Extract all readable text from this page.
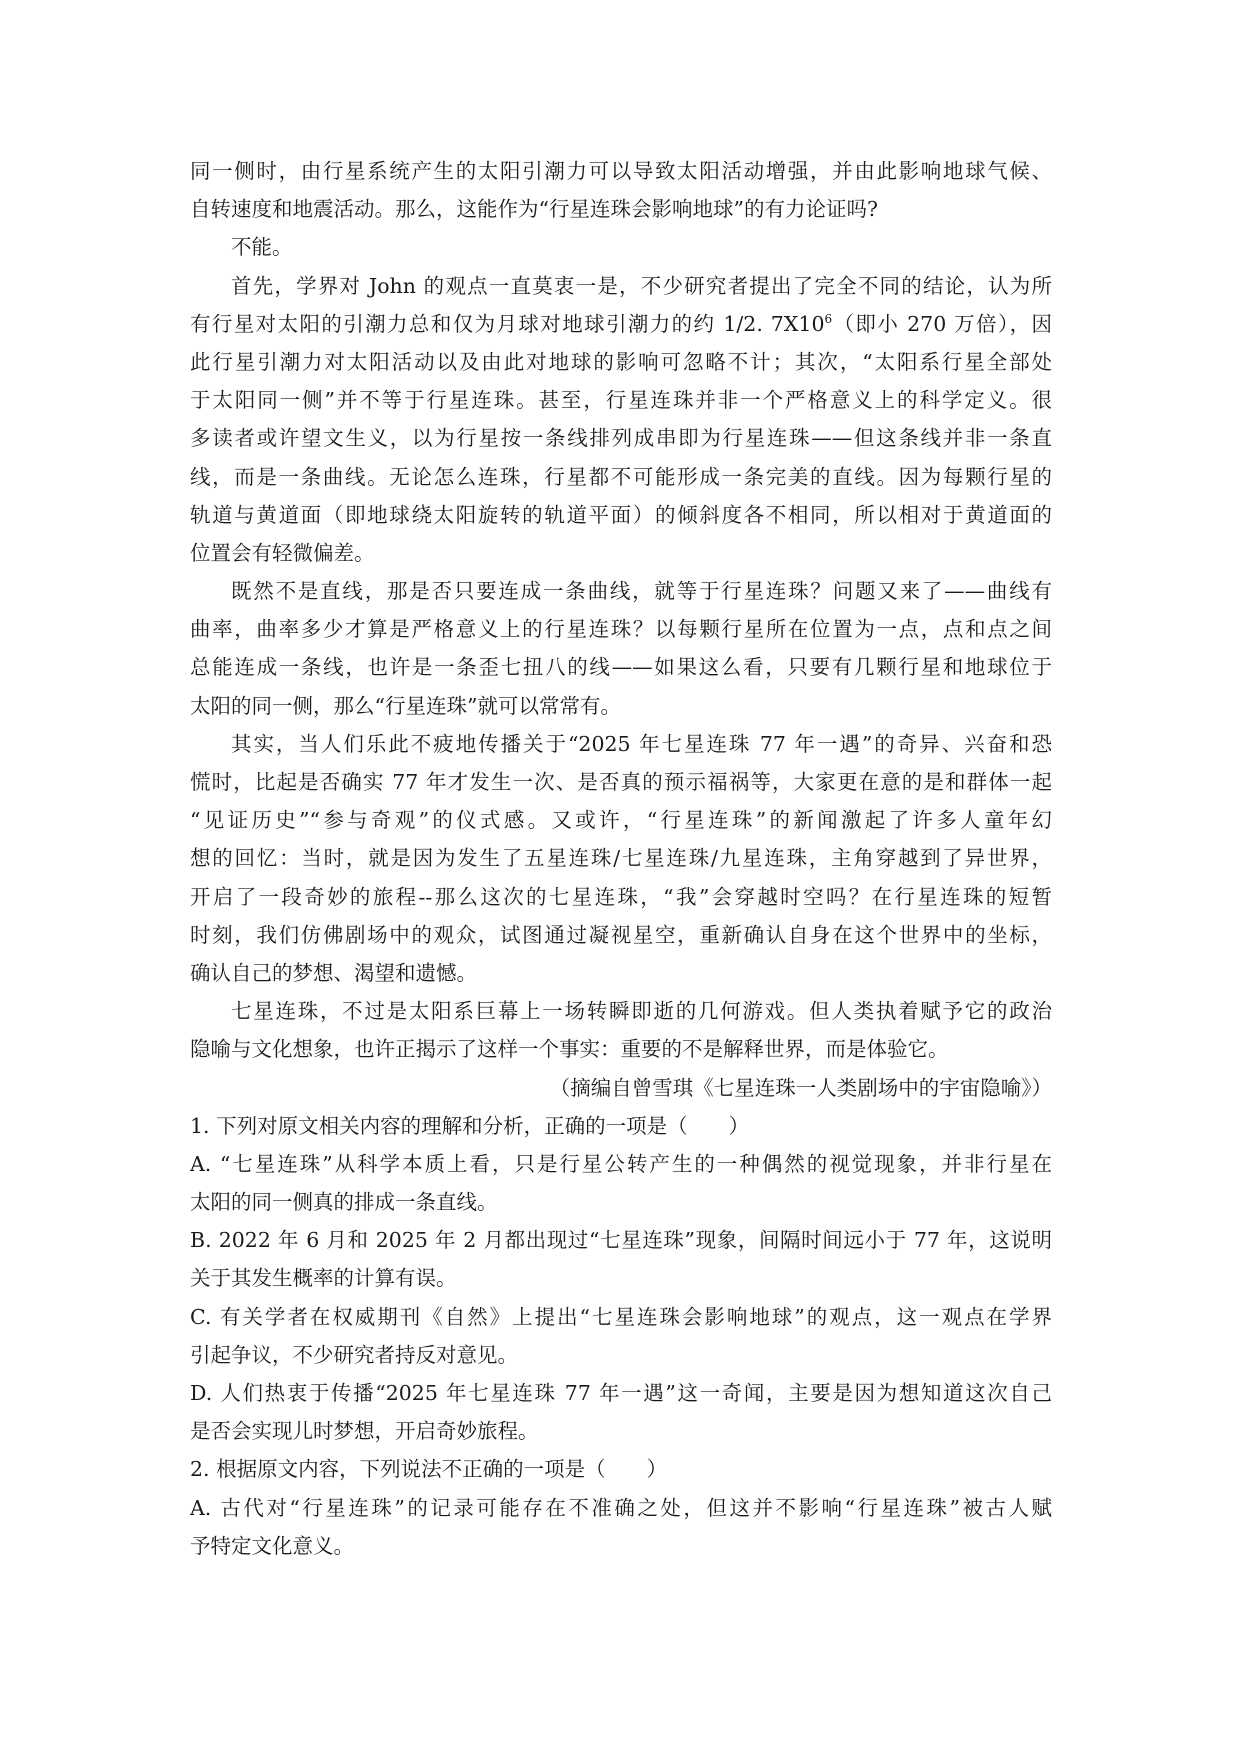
同一侧时，由行星系统产生的太阳引潮力可以导致太阳活动增强，并由此影响地球气候、
自转速度和地震活动。那么，这能作为“行星连珠会影响地球”的有力论证吗?
不能。
首先，学界对 John 的观点一直莫衷一是，不少研究者提出了完全不同的结论，认为所
有行星对太阳的引潮力总和仅为月球对地球引潮力的约 1/2. $7X10^6$（即小 270 万倍），因
此行星引潮力对太阳活动以及由此对地球的影响可忽略不计；其次，“太阳系行星全部处
于太阳同一侧”并不等于行星连珠。甚至，行星连珠并非一个严格意义上的科学定义。很
多读者或许望文生义，以为行星按一条线排列成串即为行星连珠——但这条线并非一条直
线，而是一条曲线。无论怎么连珠，行星都不可能形成一条完美的直线。因为每颗行星的
轨道与黄道面（即地球绕太阳旋转的轨道平面）的倾斜度各不相同，所以相对于黄道面的
位置会有轻微偏差。
既然不是直线，那是否只要连成一条曲线，就等于行星连珠？问题又来了——曲线有
曲率，曲率多少才算是严格意义上的行星连珠？以每颗行星所在位置为一点，点和点之间
总能连成一条线，也许是一条歪七扭八的线——如果这么看，只要有几颗行星和地球位于
太阳的同一侧，那么“行星连珠”就可以常常有。
其实，当人们乐此不疲地传播关于“2025 年七星连珠 77 年一遇”的奇异、兴奋和恐
慌时，比起是否确实 77 年才发生一次、是否真的预示福祸等，大家更在意的是和群体一起
“见证历史”“参与奇观”的仪式感。又或许，“行星连珠”的新闻激起了许多人童年幻
想的回忆：当时，就是因为发生了五星连珠/七星连珠/九星连珠，主角穿越到了异世界，
开启了一段奇妙的旅程--那么这次的七星连珠，“我”会穿越时空吗？在行星连珠的短暂
时刻，我们仿佛剧场中的观众，试图通过凝视星空，重新确认自身在这个世界中的坐标，
确认自己的梦想、渴望和遗憾。
七星连珠，不过是太阳系巨幕上一场转瞬即逝的几何游戏。但人类执着赋予它的政治
隐喻与文化想象，也许正揭示了这样一个事实：重要的不是解释世界，而是体验它。
（摘编自曾雪琪《七星连珠一人类剧场中的宇宙隐喻》）
1. 下列对原文相关内容的理解和分析，正确的一项是（　　）
A. “七星连珠”从科学本质上看，只是行星公转产生的一种偶然的视觉现象，并非行星在
太阳的同一侧真的排成一条直线。
B. 2022 年 6 月和 2025 年 2 月都出现过“七星连珠”现象，间隔时间远小于 77 年，这说明
关于其发生概率的计算有误。
C. 有关学者在权威期刊《自然》上提出“七星连珠会影响地球”的观点，这一观点在学界
引起争议，不少研究者持反对意见。
D. 人们热衷于传播“2025 年七星连珠 77 年一遇”这一奇闻，主要是因为想知道这次自己
是否会实现儿时梦想，开启奇妙旅程。
2. 根据原文内容，下列说法不正确的一项是（　　）
A. 古代对“行星连珠”的记录可能存在不准确之处，但这并不影响“行星连珠”被古人赋
予特定文化意义。
